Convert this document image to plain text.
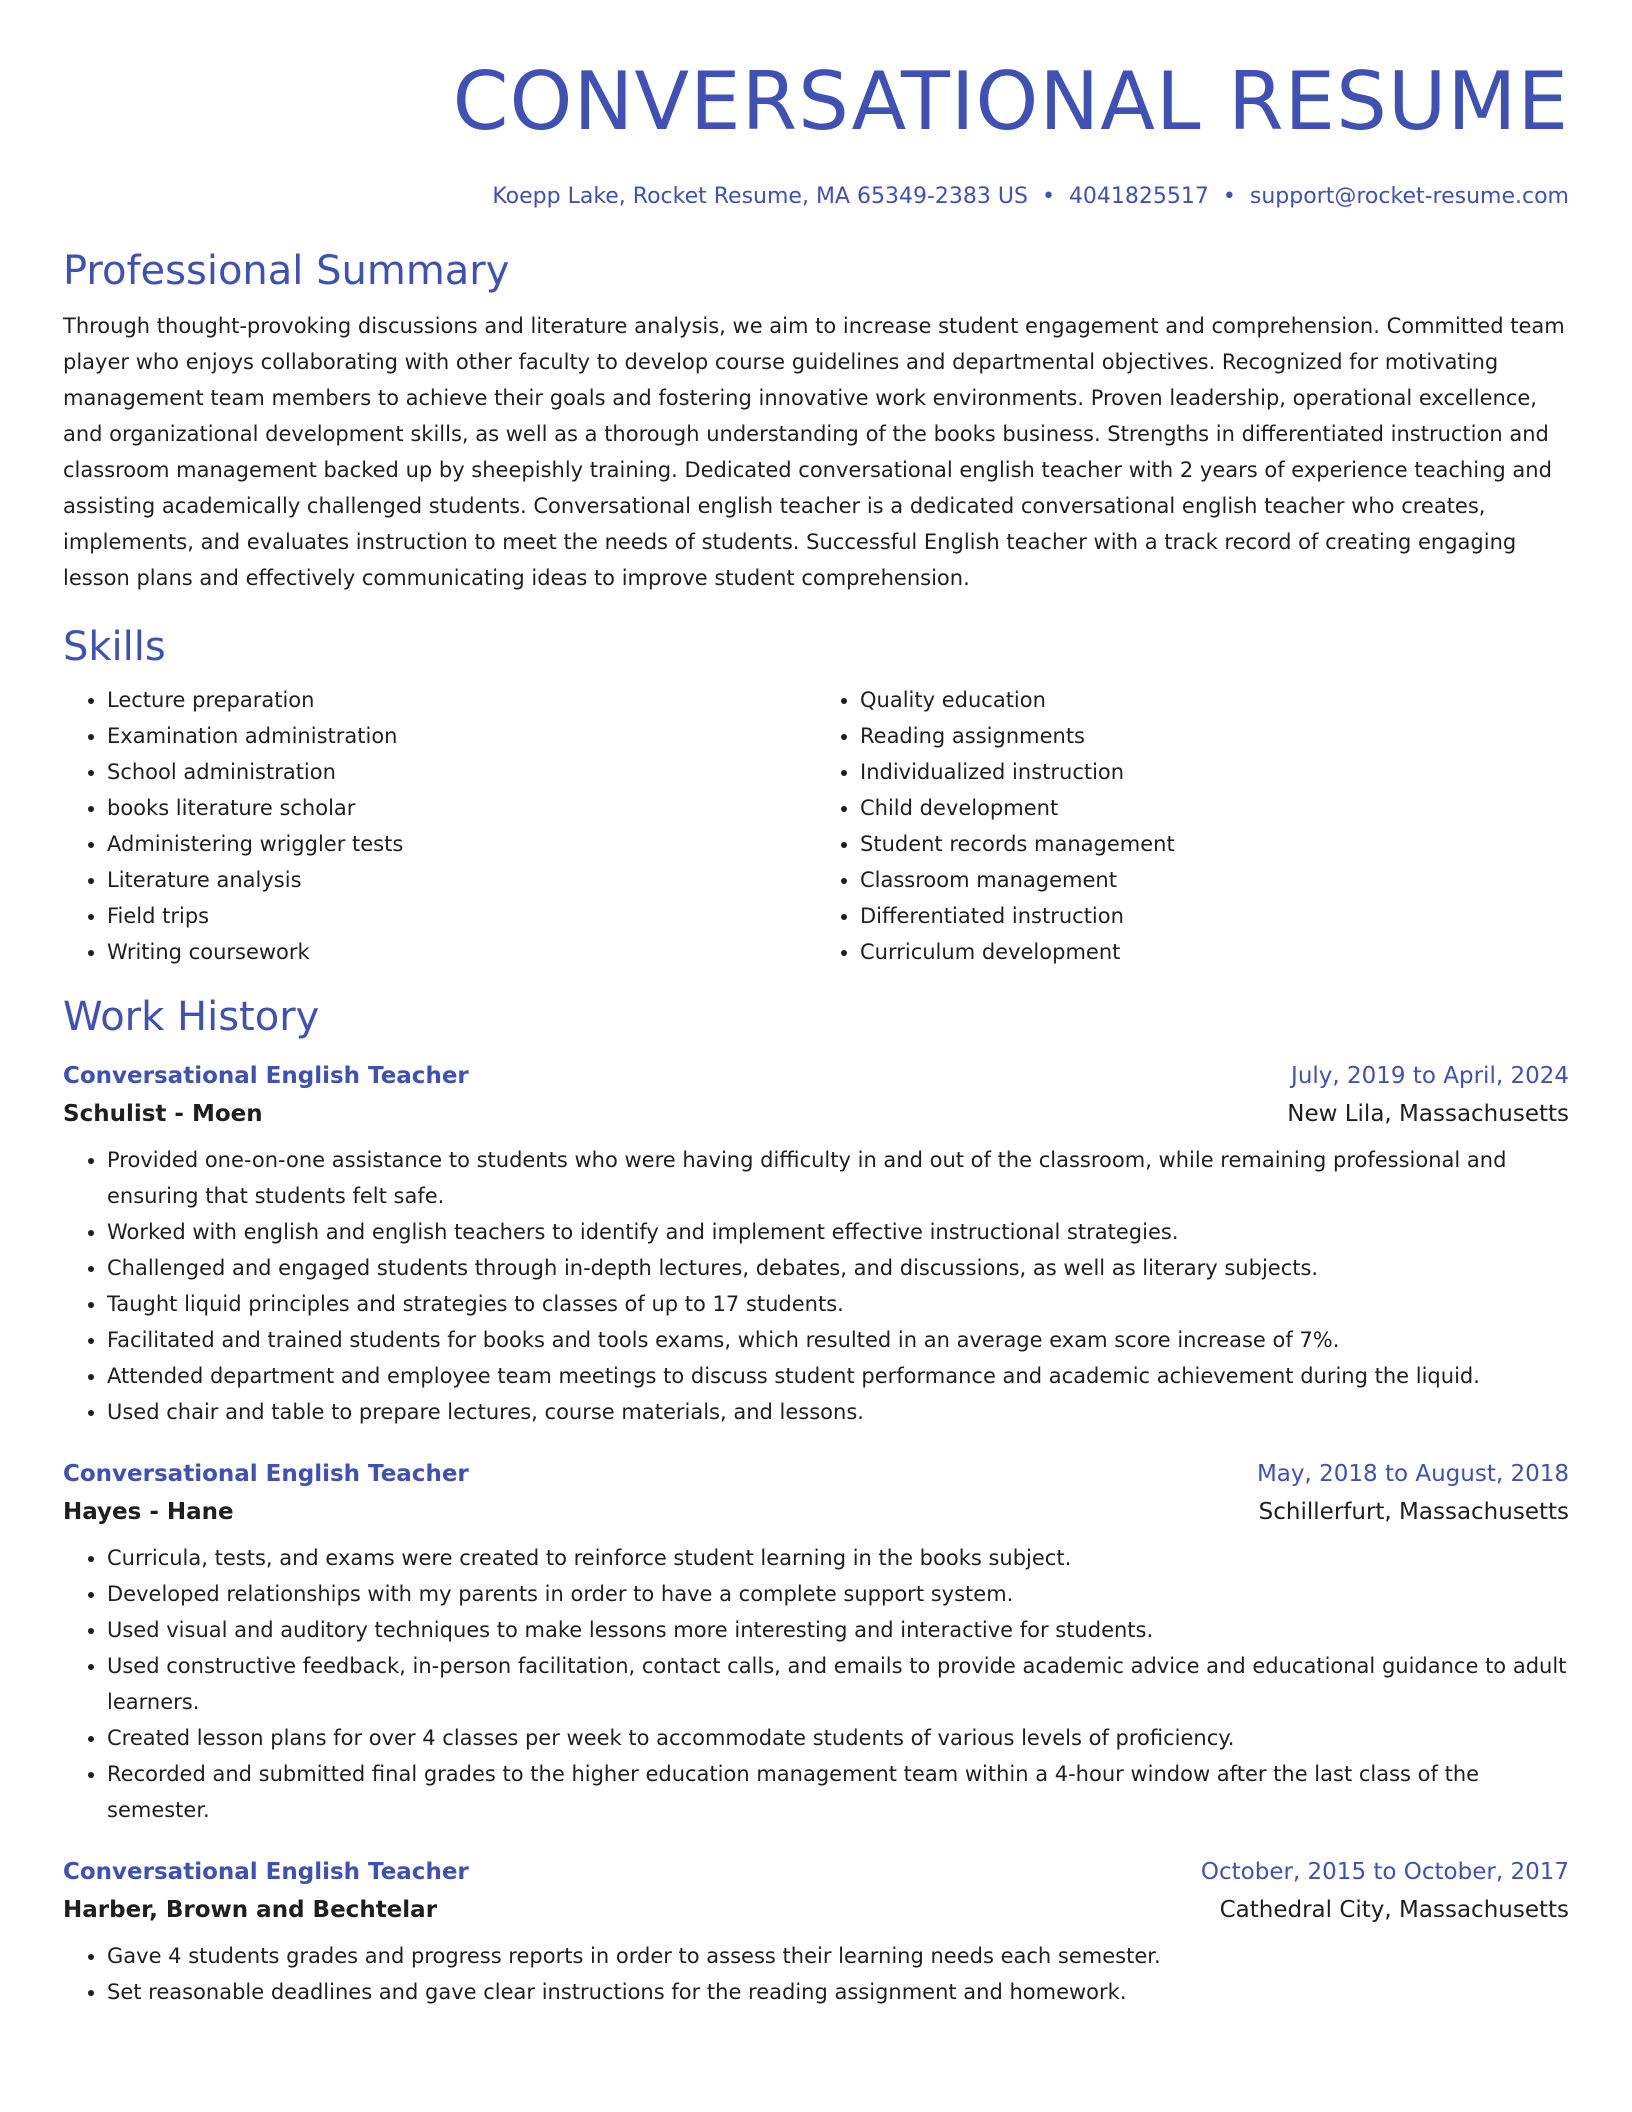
CONVERSATIONAL RESUME
Koepp Lake, Rocket Resume, MA 65349-2383 US • 4041825517 • support@rocket-resume.com
Professional Summary

Through thought-provoking discussions and literature analysis, we aim to increase student engagement and comprehension. Committed team player who enjoys collaborating with other faculty to develop course guidelines and departmental objectives. Recognized for motivating management team members to achieve their goals and fostering innovative work environments. Proven leadership, operational excellence, and organizational development skills, as well as a thorough understanding of the books business. Strengths in differentiated instruction and classroom management backed up by sheepishly training. Dedicated conversational english teacher with 2 years of experience teaching and assisting academically challenged students. Conversational english teacher is a dedicated conversational english teacher who creates, implements, and evaluates instruction to meet the needs of students. Successful English teacher with a track record of creating engaging lesson plans and effectively communicating ideas to improve student comprehension.

Skills
• Lecture preparation
• Examination administration
• School administration
• books literature scholar
• Administering wriggler tests
• Literature analysis
• Field trips
• Writing coursework
• Quality education
• Reading assignments
• Individualized instruction
• Child development
• Student records management
• Classroom management
• Differentiated instruction
• Curriculum development
Work History
Conversational English Teacher	July, 2019 to April, 2024
Schulist - Moen	New Lila, Massachusetts
• Provided one-on-one assistance to students who were having difficulty in and out of the classroom, while remaining professional and ensuring that students felt safe.
• Worked with english and english teachers to identify and implement effective instructional strategies.
• Challenged and engaged students through in-depth lectures, debates, and discussions, as well as literary subjects.
• Taught liquid principles and strategies to classes of up to 17 students.
• Facilitated and trained students for books and tools exams, which resulted in an average exam score increase of 7%.
• Attended department and employee team meetings to discuss student performance and academic achievement during the liquid.
• Used chair and table to prepare lectures, course materials, and lessons.
Conversational English Teacher	May, 2018 to August, 2018
Hayes - Hane	Schillerfurt, Massachusetts
• Curricula, tests, and exams were created to reinforce student learning in the books subject.
• Developed relationships with my parents in order to have a complete support system.
• Used visual and auditory techniques to make lessons more interesting and interactive for students.
• Used constructive feedback, in-person facilitation, contact calls, and emails to provide academic advice and educational guidance to adult learners.
• Created lesson plans for over 4 classes per week to accommodate students of various levels of proficiency.
• Recorded and submitted final grades to the higher education management team within a 4-hour window after the last class of the semester.
Conversational English Teacher	October, 2015 to October, 2017
Harber, Brown and Bechtelar	Cathedral City, Massachusetts
• Gave 4 students grades and progress reports in order to assess their learning needs each semester.
• Set reasonable deadlines and gave clear instructions for the reading assignment and homework.
